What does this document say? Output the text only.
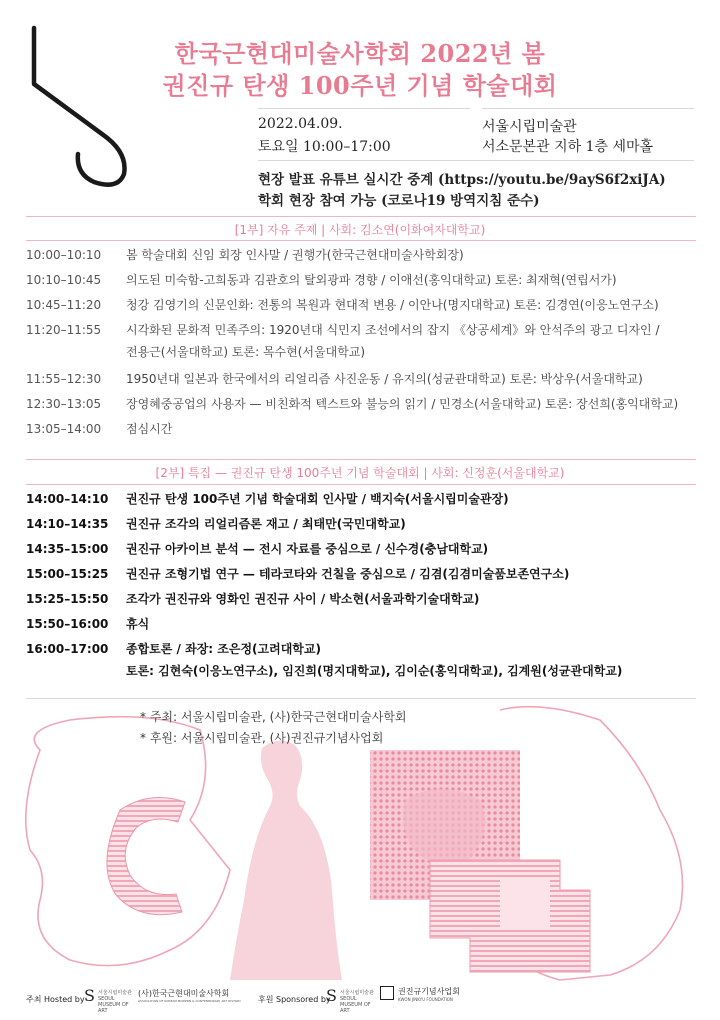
한국근현대미술사학회 2022년 봄
권진규 탄생 100주년 기념 학술대회
2022.04.09.
토요일 10:00–17:00
서울시립미술관
서소문본관 지하 1층 세마홀
현장 발표 유튜브 실시간 중계 (https://youtu.be/9ayS6f2xiJA)
학회 현장 참여 가능 (코로나19 방역지침 준수)
[1부] 자유 주제 | 사회: 김소연(이화여자대학교)
10:00–10:10 봄 학술대회 신임 회장 인사말 / 권행가(한국근현대미술사학회장)
10:10–10:45 의도된 미숙함-고희동과 김관호의 탈외광파 경향 / 이애선(홍익대학교) 토론: 최재혁(연립서가)
10:45–11:20 청강 김영기의 신문인화: 전통의 복원과 현대적 변용 / 이안나(명지대학교) 토론: 김경연(이응노연구소)
11:20–11:55 시각화된 문화적 민족주의: 1920년대 식민지 조선에서의 잡지 《상공세계》와 안석주의 광고 디자인 /
전용근(서울대학교) 토론: 목수현(서울대학교)
11:55–12:30 1950년대 일본과 한국에서의 리얼리즘 사진운동 / 유지의(성균관대학교) 토론: 박상우(서울대학교)
12:30–13:05 장영혜중공업의 사용자 — 비친화적 텍스트와 불능의 읽기 / 민경소(서울대학교) 토론: 장선희(홍익대학교)
13:05–14:00 점심시간
[2부] 특집 — 권진규 탄생 100주년 기념 학술대회 | 사회: 신정훈(서울대학교)
14:00–14:10 권진규 탄생 100주년 기념 학술대회 인사말 / 백지숙(서울시립미술관장)
14:10–14:35 권진규 조각의 리얼리즘론 재고 / 최태만(국민대학교)
14:35–15:00 권진규 아카이브 분석 — 전시 자료를 중심으로 / 신수경(충남대학교)
15:00–15:25 권진규 조형기법 연구 — 테라코타와 건칠을 중심으로 / 김겸(김겸미술품보존연구소)
15:25–15:50 조각가 권진규와 영화인 권진규 사이 / 박소현(서울과학기술대학교)
15:50–16:00 휴식
16:00–17:00 종합토론 / 좌장: 조은정(고려대학교)
토론: 김현숙(이응노연구소), 임진희(명지대학교), 김이순(홍익대학교), 김계원(성균관대학교)
* 주최: 서울시립미술관, (사)한국근현대미술사학회
* 후원: 서울시립미술관, (사)권진규기념사업회
주최 Hosted by S 서울시립미술관 SEOUL MUSEUM OF ART
(사)한국근현대미술사학회
ASSOCIATION OF KOREAN MODERN & CONTEMPORARY ART HISTORY	후원 Sponsored by
S 서울시립미술관 SEOUL MUSEUM OF ART
권진규기념사업회
KWON JINKYU FOUNDATION
